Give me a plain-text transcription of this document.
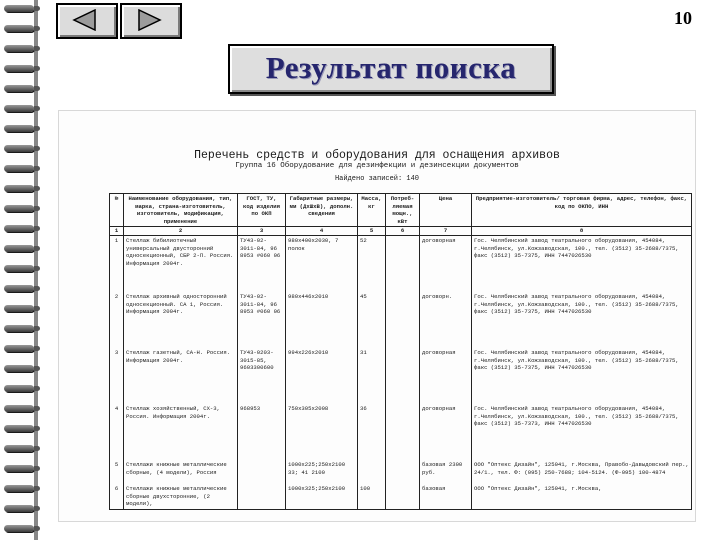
10
Результат поиска
Перечень средств и оборудования для оснащения архивов
Группа 16 Оборудование для дезинфекции и дезинсекции документов
Найдено записей: 140
№	Наименование оборудования, тип, марка, страна-изготовитель, изготовитель, модификация, применение	ГОСТ, ТУ, код изделия по ОКП	Габаритные размеры, мм (ДхШхВ), дополн. сведения	Масса, кг	Потреб-ляемая мощн., кВт	Цена	Предприятие-изготовитель/ торговая фирма, адрес, телефон, факс, код по ОКПО, ИНН
1	2	3	4	5	6	7	8
1	Стеллаж бибилиотечный универсальный двусторонний односекционный, СБР 2-П. Россия. Информация 2004г.	ТУ43-02-3011-84, 96 8953 #060 06	980х400х2030, 7 полок	52		договорная	Гос. Челябинский завод театрального оборудования, 454084, г.Челябинск, ул.Кожзаводская, 100., тел. (3512) 35-2688/7375, факс (3512) 35-7375, ИНН 7447026530
2	Стеллаж архивный односторонний односекционный. СА 1, Россия. Информация 2004г.	ТУ43-02-3011-84, 96 8953 #060 06	980х446х2010	45		договорн.	Гос. Челябинский завод театрального оборудования, 454084, г.Челябинск, ул.Кожзаводская, 100., тел. (3512) 35-2688/7375, факс (3512) 35-7375, ИНН 7447026530
3	Стеллаж газетный, СА-Н. Россия. Информация 2004г.	ТУ43-0203-3015-85, 9603300600	994х226х2010	31		договорная	Гос. Челябинский завод театрального оборудования, 454084, г.Челябинск, ул.Кожзаводская, 100., тел. (3512) 35-2688/7375, факс (3512) 35-7375, ИНН 7447026530
4	Стеллаж хозяйственный, СХ-3, Россия. Информация 2004г.	968953	750х305х2008	36		договорная	Гос. Челябинский завод театрального оборудования, 454084, г.Челябинск, ул.Кожзаводская, 100., тел. (3512) 35-2688/7375, факс (3512) 35-7373, ИНН 7447026530
5	Стеллажи книжные металлические сборные, (4 модели), Россия		1000х225;250х2100 33; 41 2100			базовая 2300 руб.	ООО "Оптекс Дизайн", 125041, г.Москва, Правобо-Давыдовский пер., 24/1., тел. Ф: (095) 250-7688; 104-5124. (Ф-095) 100-4874
6	Стеллажи книжные металлические сборные двухсторонние, (2 модели),		1000х325;250х2100	100		базовая	ООО "Оптекс Дизайн", 125041, г.Москва,
